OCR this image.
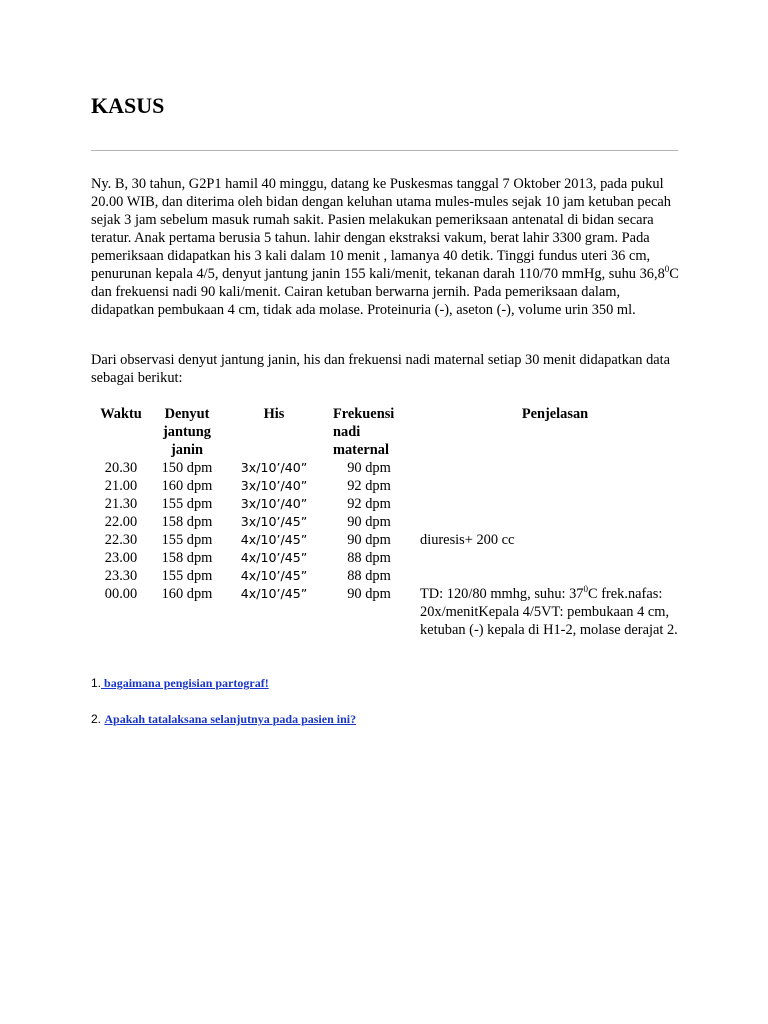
KASUS

Ny. B, 30 tahun, G2P1 hamil 40 minggu, datang ke Puskesmas tanggal 7 Oktober 2013, pada pukul 20.00 WIB, dan diterima oleh bidan dengan keluhan utama mules-mules sejak 10 jam ketuban pecah sejak 3 jam sebelum masuk rumah sakit. Pasien melakukan pemeriksaan antenatal di bidan secara teratur. Anak pertama berusia 5 tahun. lahir dengan ekstraksi vakum, berat lahir 3300 gram. Pada pemeriksaan didapatkan his 3 kali dalam 10 menit , lamanya 40 detik. Tinggi fundus uteri 36 cm, penurunan kepala 4/5, denyut jantung janin 155 kali/menit, tekanan darah 110/70 mmHg, suhu 36,8$^0$C dan frekuensi nadi 90 kali/menit. Cairan ketuban berwarna jernih. Pada pemeriksaan dalam, didapatkan pembukaan 4 cm, tidak ada molase. Proteinuria (-), aseton (-), volume urin 350 ml.

Dari observasi denyut jantung janin, his dan frekuensi nadi maternal setiap 30 menit didapatkan data sebagai berikut:

Waktu	Denyut jantung janin	His	Frekuensi nadi maternal	Penjelasan
20.30	150 dpm	3x/10’/40”	90 dpm	
21.00	160 dpm	3x/10’/40”	92 dpm	
21.30	155 dpm	3x/10’/40”	92 dpm	
22.00	158 dpm	3x/10’/45”	90 dpm	
22.30	155 dpm	4x/10’/45”	90 dpm	diuresis+ 200 cc
23.00	158 dpm	4x/10’/45”	88 dpm	
23.30	155 dpm	4x/10’/45”	88 dpm	
00.00	160 dpm	4x/10’/45”	90 dpm	TD: 120/80 mmhg, suhu: $37^0C$ frek.nafas: 20x/menitKepala 4/5VT: pembukaan 4 cm, ketuban (-) kepala di H1-2, molase derajat 2.

1. bagaimana pengisian partograf!

2. Apakah tatalaksana selanjutnya pada pasien ini?
